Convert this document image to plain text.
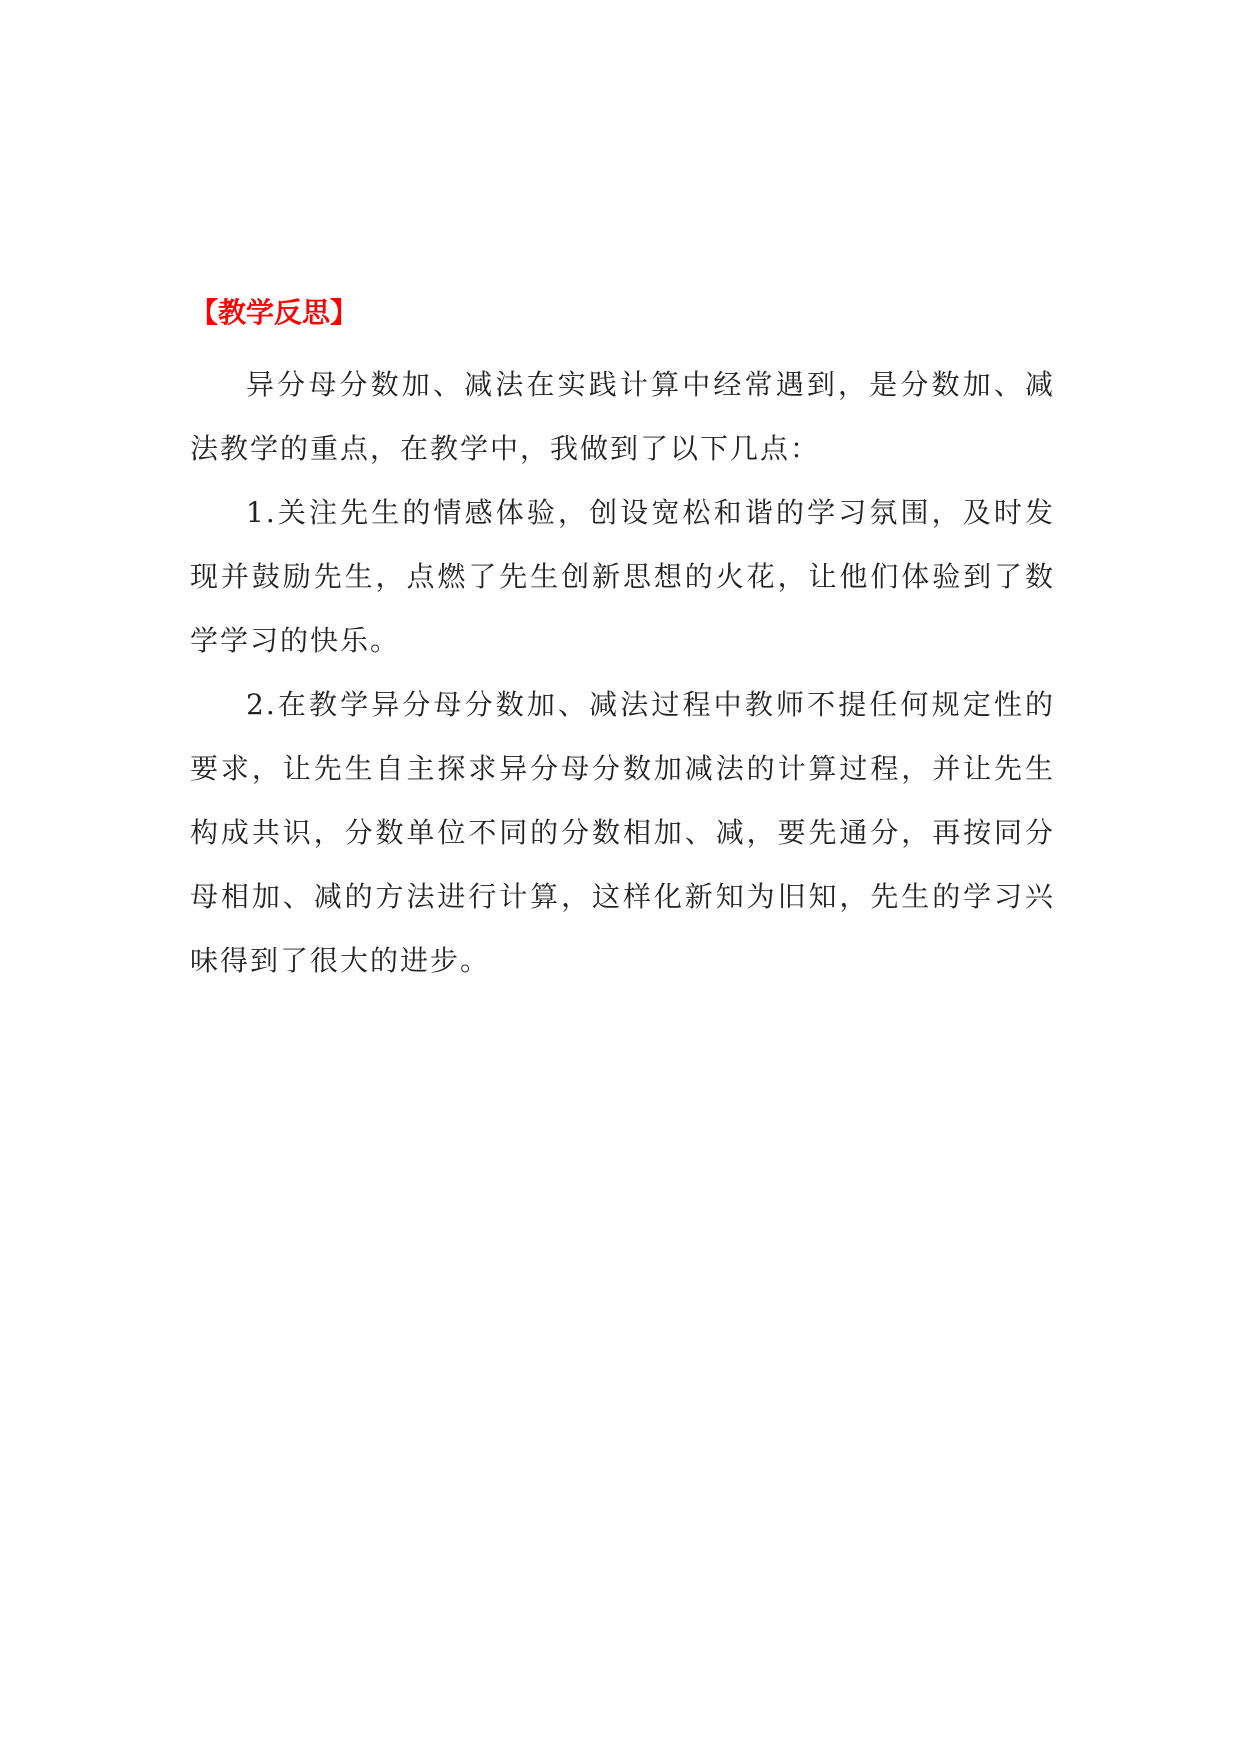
【教学反思】

异分母分数加、减法在实践计算中经常遇到，是分数加、减法教学的重点，在教学中，我做到了以下几点：

1.关注先生的情感体验，创设宽松和谐的学习氛围，及时发现并鼓励先生，点燃了先生创新思想的火花，让他们体验到了数学学习的快乐。

2.在教学异分母分数加、减法过程中教师不提任何规定性的要求，让先生自主探求异分母分数加减法的计算过程，并让先生构成共识，分数单位不同的分数相加、减，要先通分，再按同分母相加、减的方法进行计算，这样化新知为旧知，先生的学习兴味得到了很大的进步。
